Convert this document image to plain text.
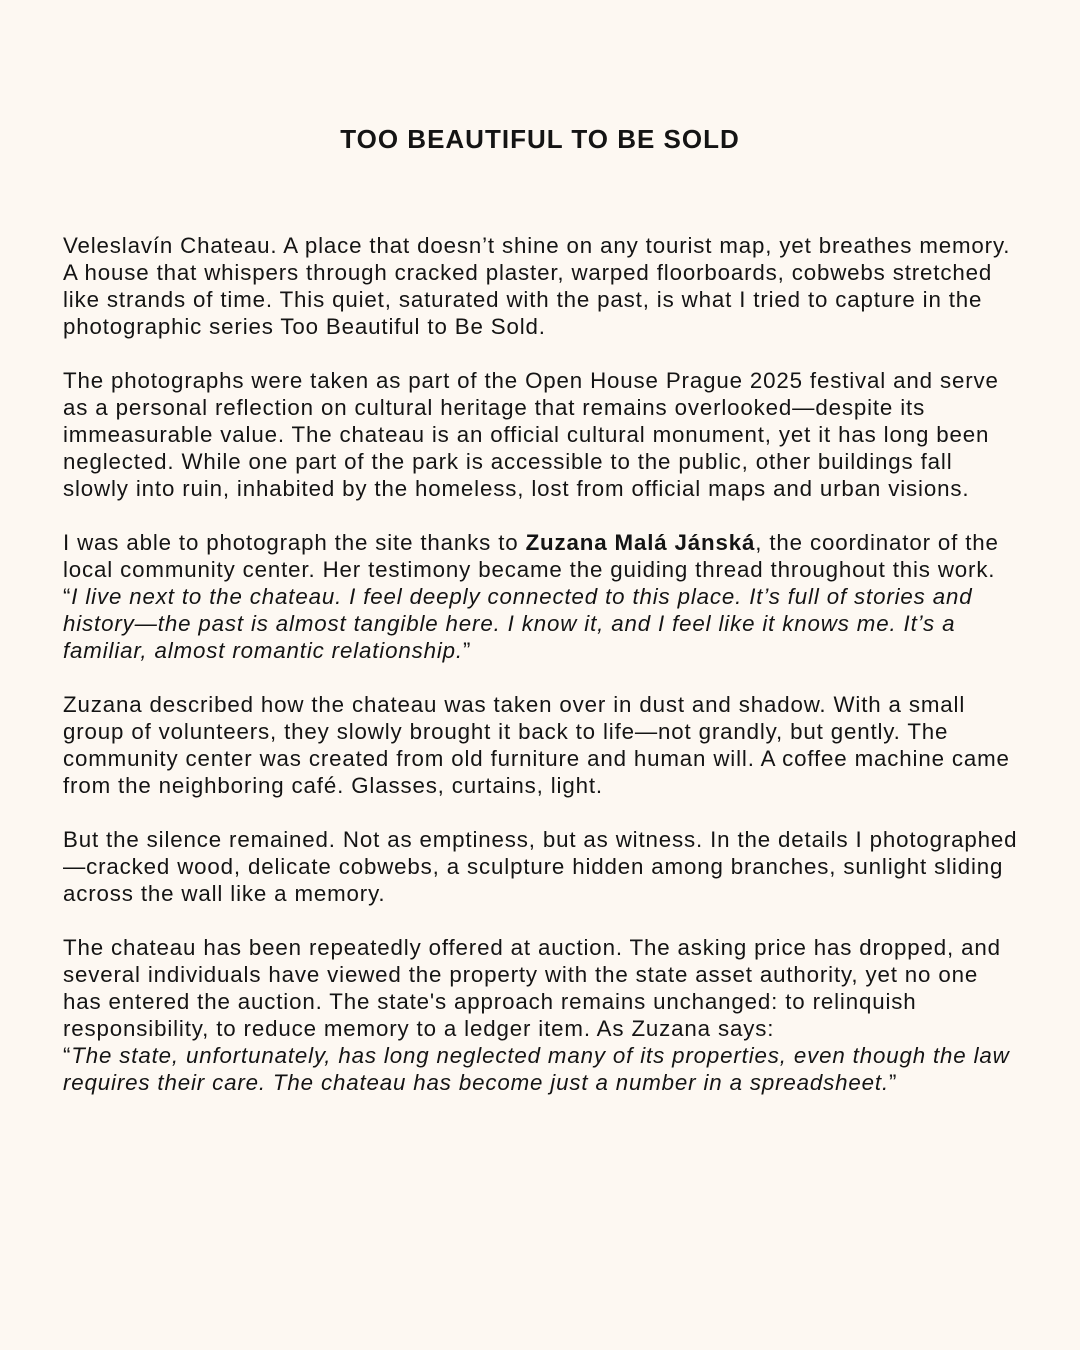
TOO BEAUTIFUL TO BE SOLD

Veleslavín Chateau. A place that doesn’t shine on any tourist map, yet breathes memory. A house that whispers through cracked plaster, warped floorboards, cobwebs stretched like strands of time. This quiet, saturated with the past, is what I tried to capture in the photographic series Too Beautiful to Be Sold.

The photographs were taken as part of the Open House Prague 2025 festival and serve as a personal reflection on cultural heritage that remains overlooked—despite its immeasurable value. The chateau is an official cultural monument, yet it has long been neglected. While one part of the park is accessible to the public, other buildings fall slowly into ruin, inhabited by the homeless, lost from official maps and urban visions.

I was able to photograph the site thanks to Zuzana Malá Jánská, the coordinator of the local community center. Her testimony became the guiding thread throughout this work.

“I live next to the chateau. I feel deeply connected to this place. It’s full of stories and history—the past is almost tangible here. I know it, and I feel like it knows me. It’s a familiar, almost romantic relationship.”

Zuzana described how the chateau was taken over in dust and shadow. With a small group of volunteers, they slowly brought it back to life—not grandly, but gently. The community center was created from old furniture and human will. A coffee machine came from the neighboring café. Glasses, curtains, light.

But the silence remained. Not as emptiness, but as witness. In the details I photographed—cracked wood, delicate cobwebs, a sculpture hidden among branches, sunlight sliding across the wall like a memory.

The chateau has been repeatedly offered at auction. The asking price has dropped, and several individuals have viewed the property with the state asset authority, yet no one has entered the auction. The state's approach remains unchanged: to relinquish responsibility, to reduce memory to a ledger item. As Zuzana says:

“The state, unfortunately, has long neglected many of its properties, even though the law requires their care. The chateau has become just a number in a spreadsheet.”
